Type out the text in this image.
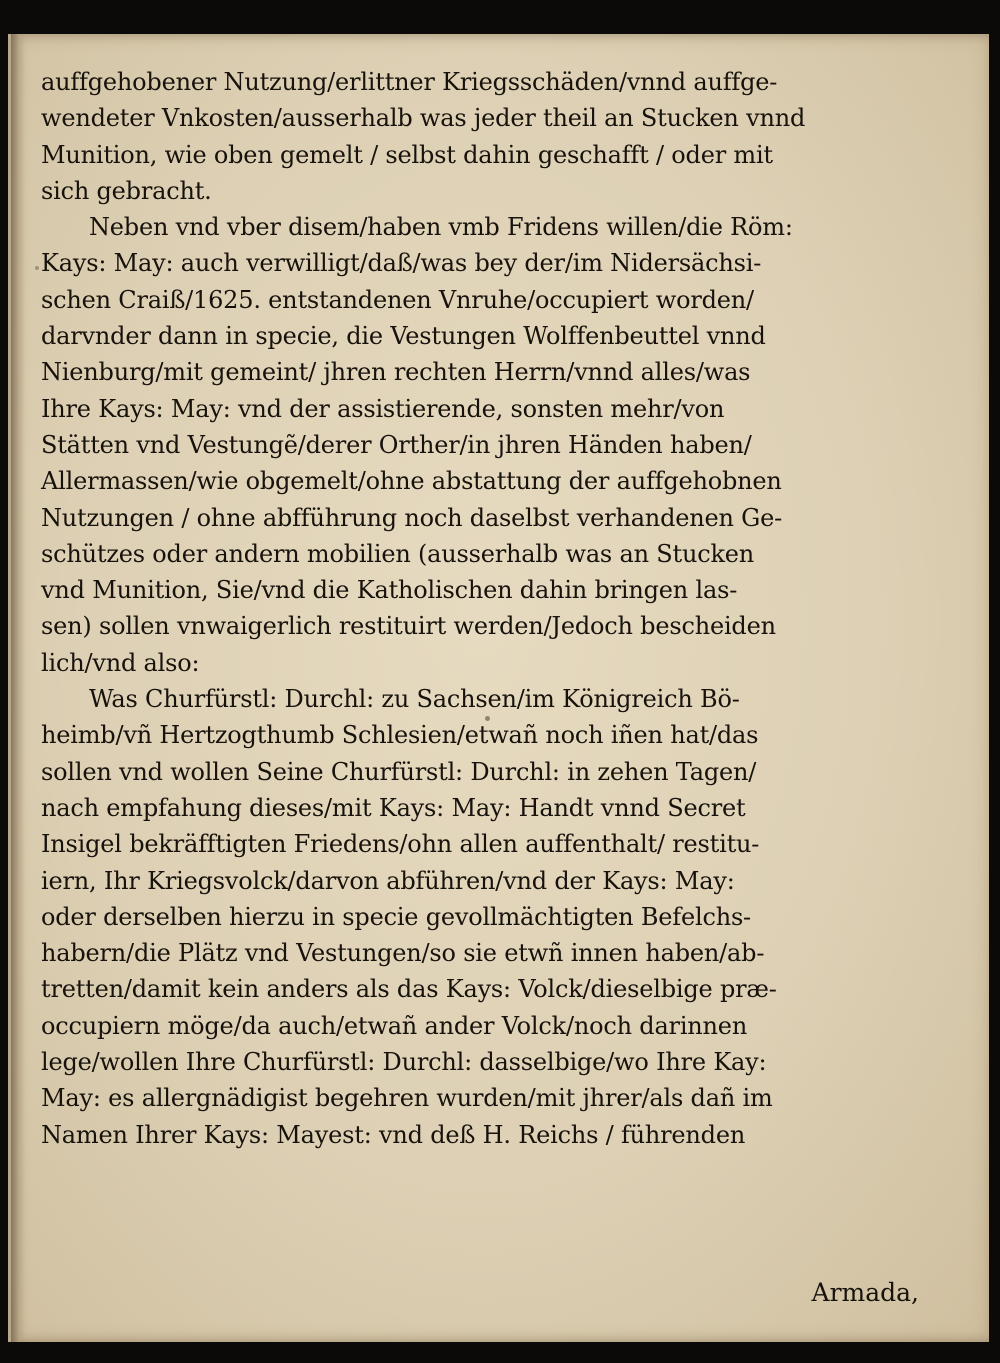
auffgehobener Nutzung/erlittner Kriegsschäden/vnnd auffge-
wendeter Vnkosten/ausserhalb was jeder theil an Stucken vnnd
Munition, wie oben gemelt / selbst dahin geschafft / oder mit
sich gebracht.
Neben vnd vber disem/haben vmb Fridens willen/die Röm:
Kays: May: auch verwilligt/daß/was bey der/im Nidersächsi-
schen Craiß/1625. entstandenen Vnruhe/occupiert worden/
darvnder dann in specie, die Vestungen Wolffenbeuttel vnnd
Nienburg/mit gemeint/ jhren rechten Herrn/vnnd alles/was
Ihre Kays: May: vnd der assistierende, sonsten mehr/von
Stätten vnd Vestungẽ/derer Orther/in jhren Händen haben/
Allermassen/wie obgemelt/ohne abstattung der auffgehobnen
Nutzungen / ohne abfführung noch daselbst verhandenen Ge-
schützes oder andern mobilien (ausserhalb was an Stucken
vnd Munition, Sie/vnd die Katholischen dahin bringen las-
sen) sollen vnwaigerlich restituirt werden/Jedoch bescheiden
lich/vnd also:
Was Churfürstl: Durchl: zu Sachsen/im Königreich Bö-
heimb/vñ Hertzogthumb Schlesien/etwañ noch iñen hat/das
sollen vnd wollen Seine Churfürstl: Durchl: in zehen Tagen/
nach empfahung dieses/mit Kays: May: Handt vnnd Secret
Insigel bekräfftigten Friedens/ohn allen auffenthalt/ restitu-
iern, Ihr Kriegsvolck/darvon abführen/vnd der Kays: May:
oder derselben hierzu in specie gevollmächtigten Befelchs-
habern/die Plätz vnd Vestungen/so sie etwñ innen haben/ab-
tretten/damit kein anders als das Kays: Volck/dieselbige præ-
occupiern möge/da auch/etwañ ander Volck/noch darinnen
lege/wollen Ihre Churfürstl: Durchl: dasselbige/wo Ihre Kay:
May: es allergnädigist begehren wurden/mit jhrer/als dañ im
Namen Ihrer Kays: Mayest: vnd deß H. Reichs / führenden
Armada,
